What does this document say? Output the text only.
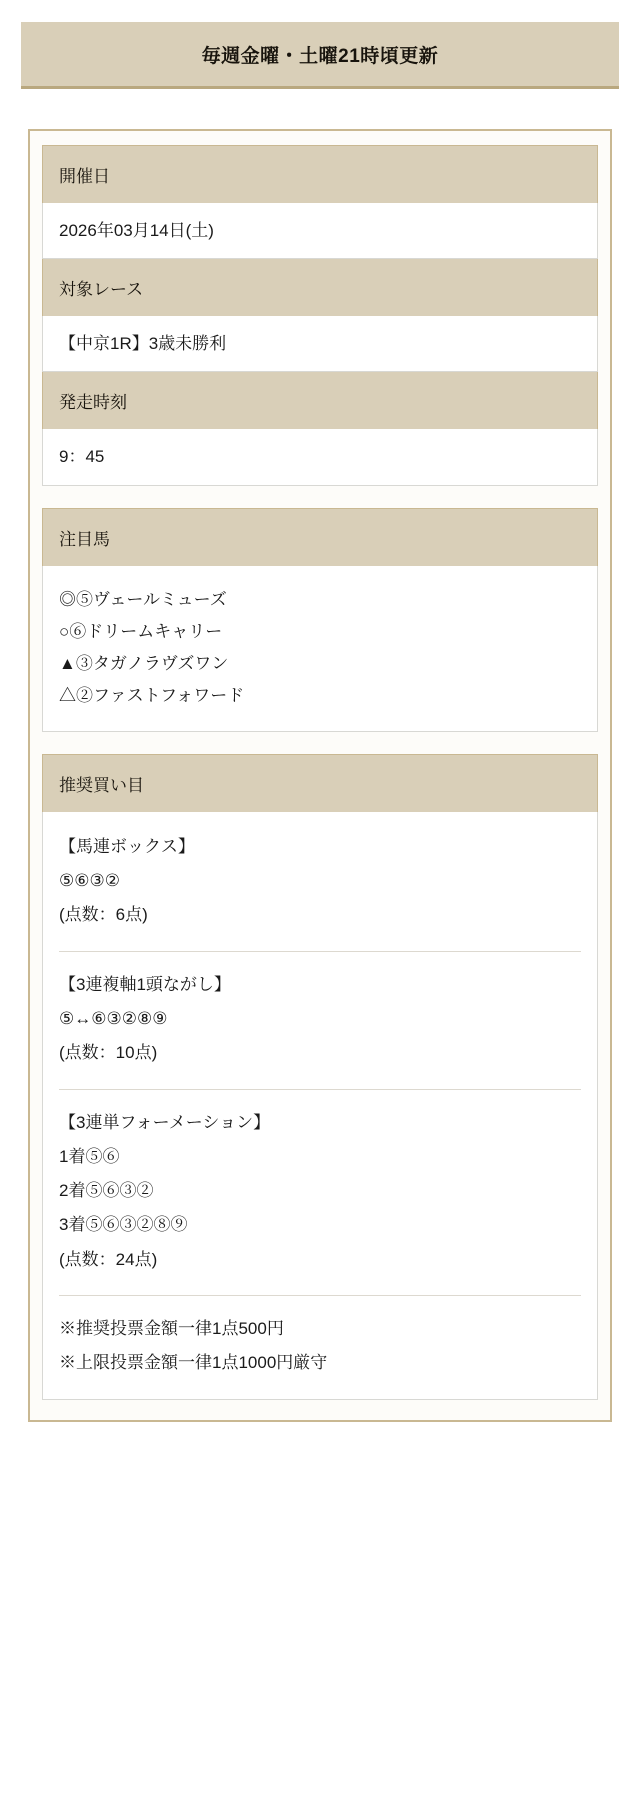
毎週金曜・土曜21時頃更新
開催日
2026年03月14日(土)
対象レース
【中京1R】3歳未勝利
発走時刻
9：45
注目馬
◎⑤ヴェールミューズ
○⑥ドリームキャリー
▲③タガノラヴズワン
△②ファストフォワード
推奨買い目
【馬連ボックス】
⑤⑥③②
(点数：6点)
【3連複軸1頭ながし】
⑤↔⑥③②⑧⑨
(点数：10点)
【3連単フォーメーション】
1着⑤⑥
2着⑤⑥③②
3着⑤⑥③②⑧⑨
(点数：24点)
※推奨投票金額一律1点500円
※上限投票金額一律1点1000円厳守
